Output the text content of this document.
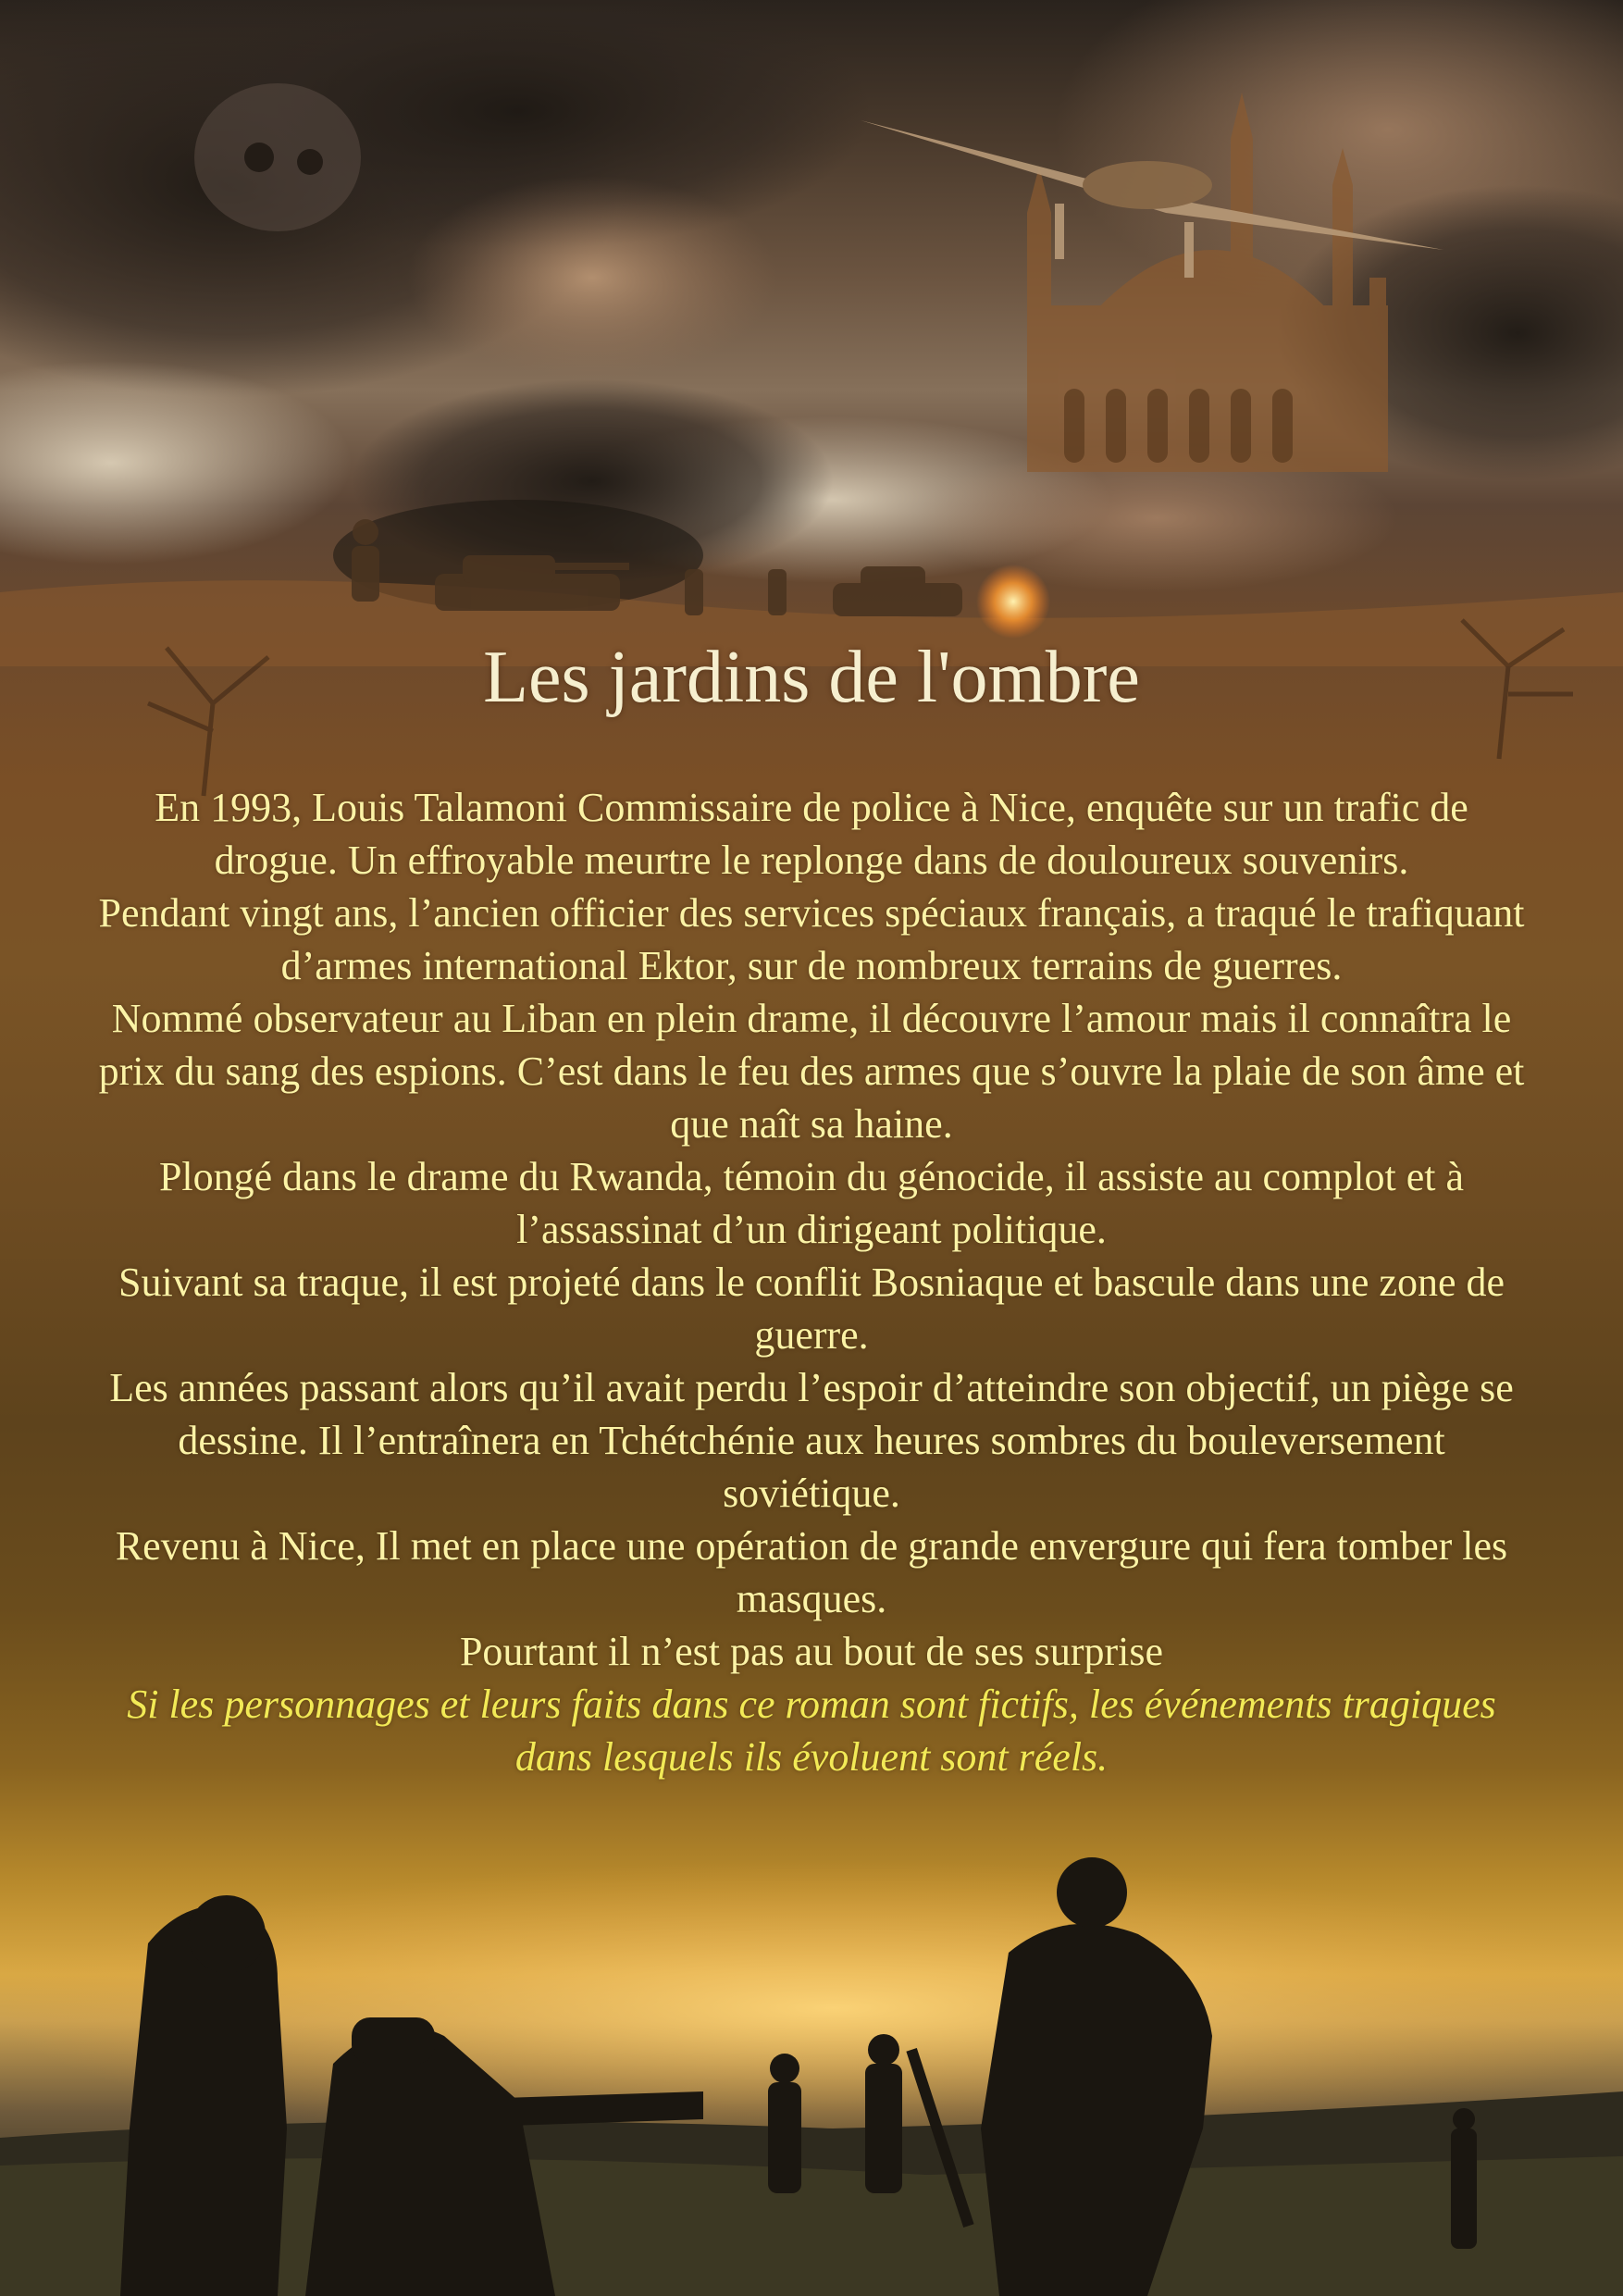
Les jardins de l'ombre

En 1993, Louis Talamoni Commissaire de police à Nice, enquête sur un trafic de drogue. Un effroyable meurtre le replonge dans de douloureux souvenirs.

Pendant vingt ans, l’ancien officier des services spéciaux français, a traqué le trafiquant d’armes international Ektor, sur de nombreux terrains de guerres.

Nommé observateur au Liban en plein drame, il découvre l’amour mais il connaîtra le prix du sang des espions. C’est dans le feu des armes que s’ouvre la plaie de son âme et que naît sa haine.

Plongé dans le drame du Rwanda, témoin du génocide, il assiste au complot et à l’assassinat d’un dirigeant politique.

Suivant sa traque, il est projeté dans le conflit Bosniaque et bascule dans une zone de guerre.

Les années passant alors qu’il avait perdu l’espoir d’atteindre son objectif, un piège se dessine. Il l’entraînera en Tchétchénie aux heures sombres du bouleversement soviétique.

Revenu à Nice, Il met en place une opération de grande envergure qui fera tomber les masques.

Pourtant il n’est pas au bout de ses surprise

Si les personnages et leurs faits dans ce roman sont fictifs, les événements tragiques dans lesquels ils évoluent sont réels.
